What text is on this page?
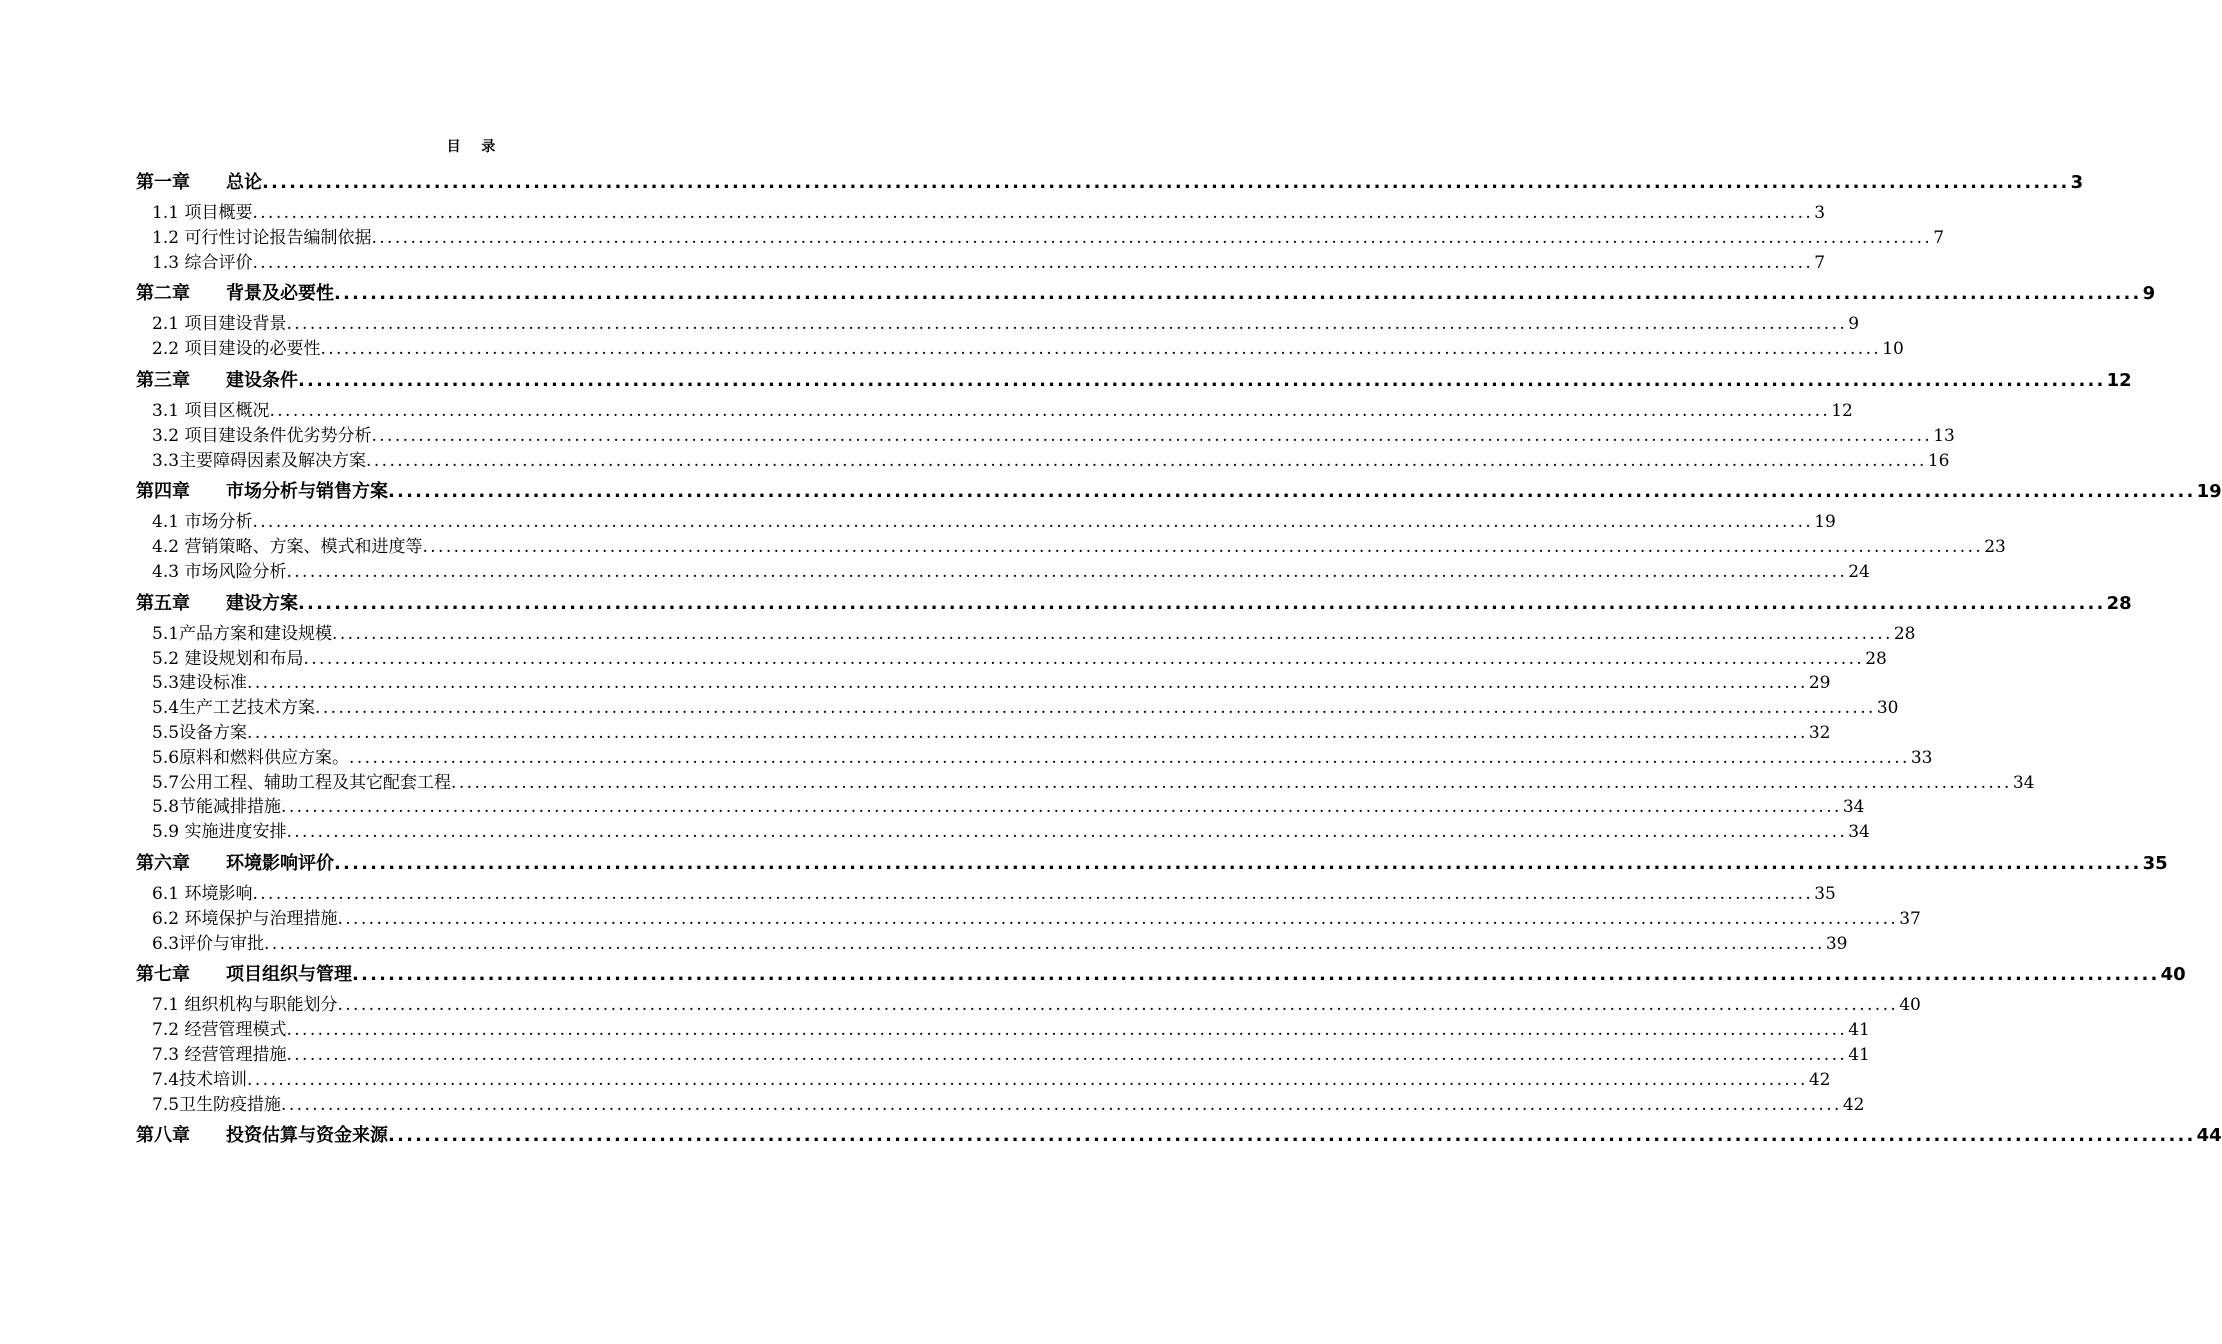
目 录
第一章 总论 ........................................................................................................................................................................................................ 3
1.1 项目概要 ........................................................................................................................................................................................................ 3
1.2 可行性讨论报告编制依据 ........................................................................................................................................................................................................ 7
1.3 综合评价 ........................................................................................................................................................................................................ 7
第二章 背景及必要性 ........................................................................................................................................................................................................ 9
2.1 项目建设背景 ........................................................................................................................................................................................................ 9
2.2 项目建设的必要性 ........................................................................................................................................................................................................ 10
第三章 建设条件 ........................................................................................................................................................................................................ 12
3.1 项目区概况 ........................................................................................................................................................................................................ 12
3.2 项目建设条件优劣势分析 ........................................................................................................................................................................................................ 13
3.3主要障碍因素及解决方案 ........................................................................................................................................................................................................ 16
第四章 市场分析与销售方案 ........................................................................................................................................................................................................ 19
4.1 市场分析 ........................................................................................................................................................................................................ 19
4.2 营销策略、方案、模式和进度等 ........................................................................................................................................................................................................ 23
4.3 市场风险分析 ........................................................................................................................................................................................................ 24
第五章 建设方案 ........................................................................................................................................................................................................ 28
5.1产品方案和建设规模 ........................................................................................................................................................................................................ 28
5.2 建设规划和布局 ........................................................................................................................................................................................................ 28
5.3建设标准 ........................................................................................................................................................................................................ 29
5.4生产工艺技术方案 ........................................................................................................................................................................................................ 30
5.5设备方案 ........................................................................................................................................................................................................ 32
5.6原料和燃料供应方案。 ........................................................................................................................................................................................................ 33
5.7公用工程、辅助工程及其它配套工程 ........................................................................................................................................................................................................ 34
5.8节能减排措施 ........................................................................................................................................................................................................ 34
5.9 实施进度安排 ........................................................................................................................................................................................................ 34
第六章 环境影响评价 ........................................................................................................................................................................................................ 35
6.1 环境影响 ........................................................................................................................................................................................................ 35
6.2 环境保护与治理措施 ........................................................................................................................................................................................................ 37
6.3评价与审批 ........................................................................................................................................................................................................ 39
第七章 项目组织与管理 ........................................................................................................................................................................................................ 40
7.1 组织机构与职能划分 ........................................................................................................................................................................................................ 40
7.2 经营管理模式 ........................................................................................................................................................................................................ 41
7.3 经营管理措施 ........................................................................................................................................................................................................ 41
7.4技术培训 ........................................................................................................................................................................................................ 42
7.5卫生防疫措施 ........................................................................................................................................................................................................ 42
第八章 投资估算与资金来源 ........................................................................................................................................................................................................ 44
